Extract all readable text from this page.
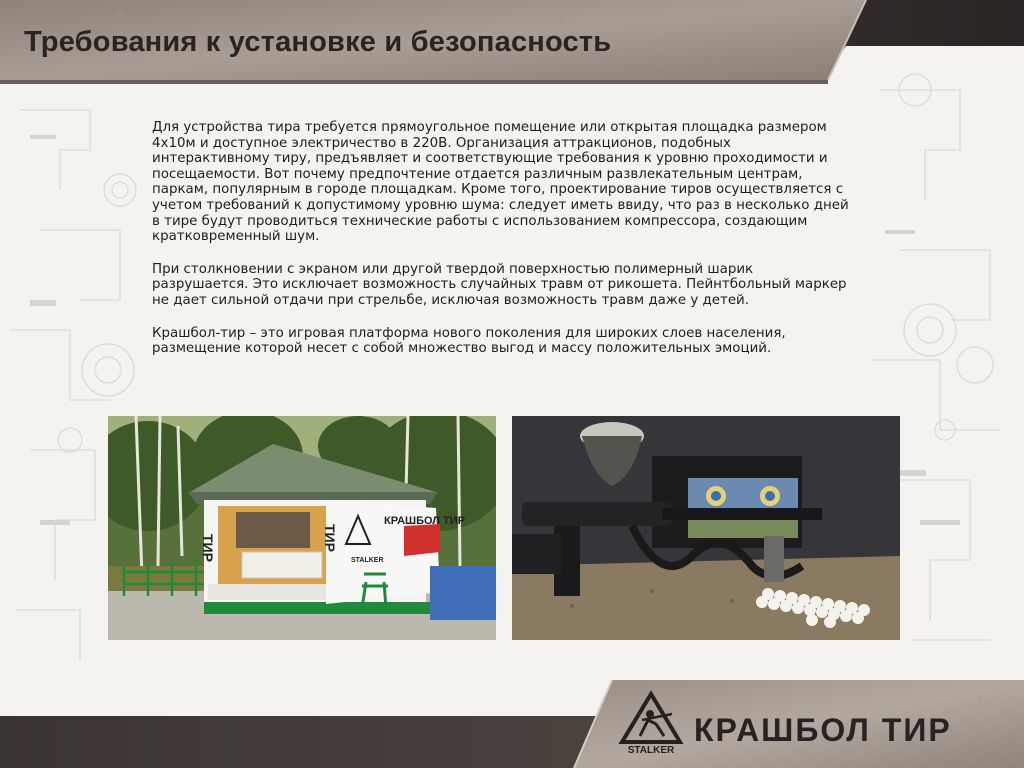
Требования к установке и безопасность

Для устройства тира требуется прямоугольное помещение или открытая площадка размером 4х10м и доступное электричество в 220В. Организация аттракционов, подобных интерактивному тиру, предъявляет и соответствующие требования к уровню проходимости и посещаемости. Вот почему предпочтение отдается различным развлекательным центрам, паркам, популярным в городе площадкам. Кроме того, проектирование тиров осуществляется с учетом требований к допустимому уровню шума: следует иметь ввиду, что раз в несколько дней в тире будут проводиться технические работы с использованием компрессора, создающим кратковременный шум.

При столкновении с экраном или другой твердой поверхностью полимерный шарик разрушается. Это исключает возможность случайных травм от рикошета. Пейнтбольный маркер не дает сильной отдачи при стрельбе, исключая возможность травм даже у детей.

Крашбол-тир – это игровая платформа нового поколения для широких слоев населения, размещение которой несет с собой множество выгод и массу положительных эмоций.

ТИР	ТИР
КРАШБОЛ ТИР
STALKER
STALKER
КРАШБОЛ ТИР
